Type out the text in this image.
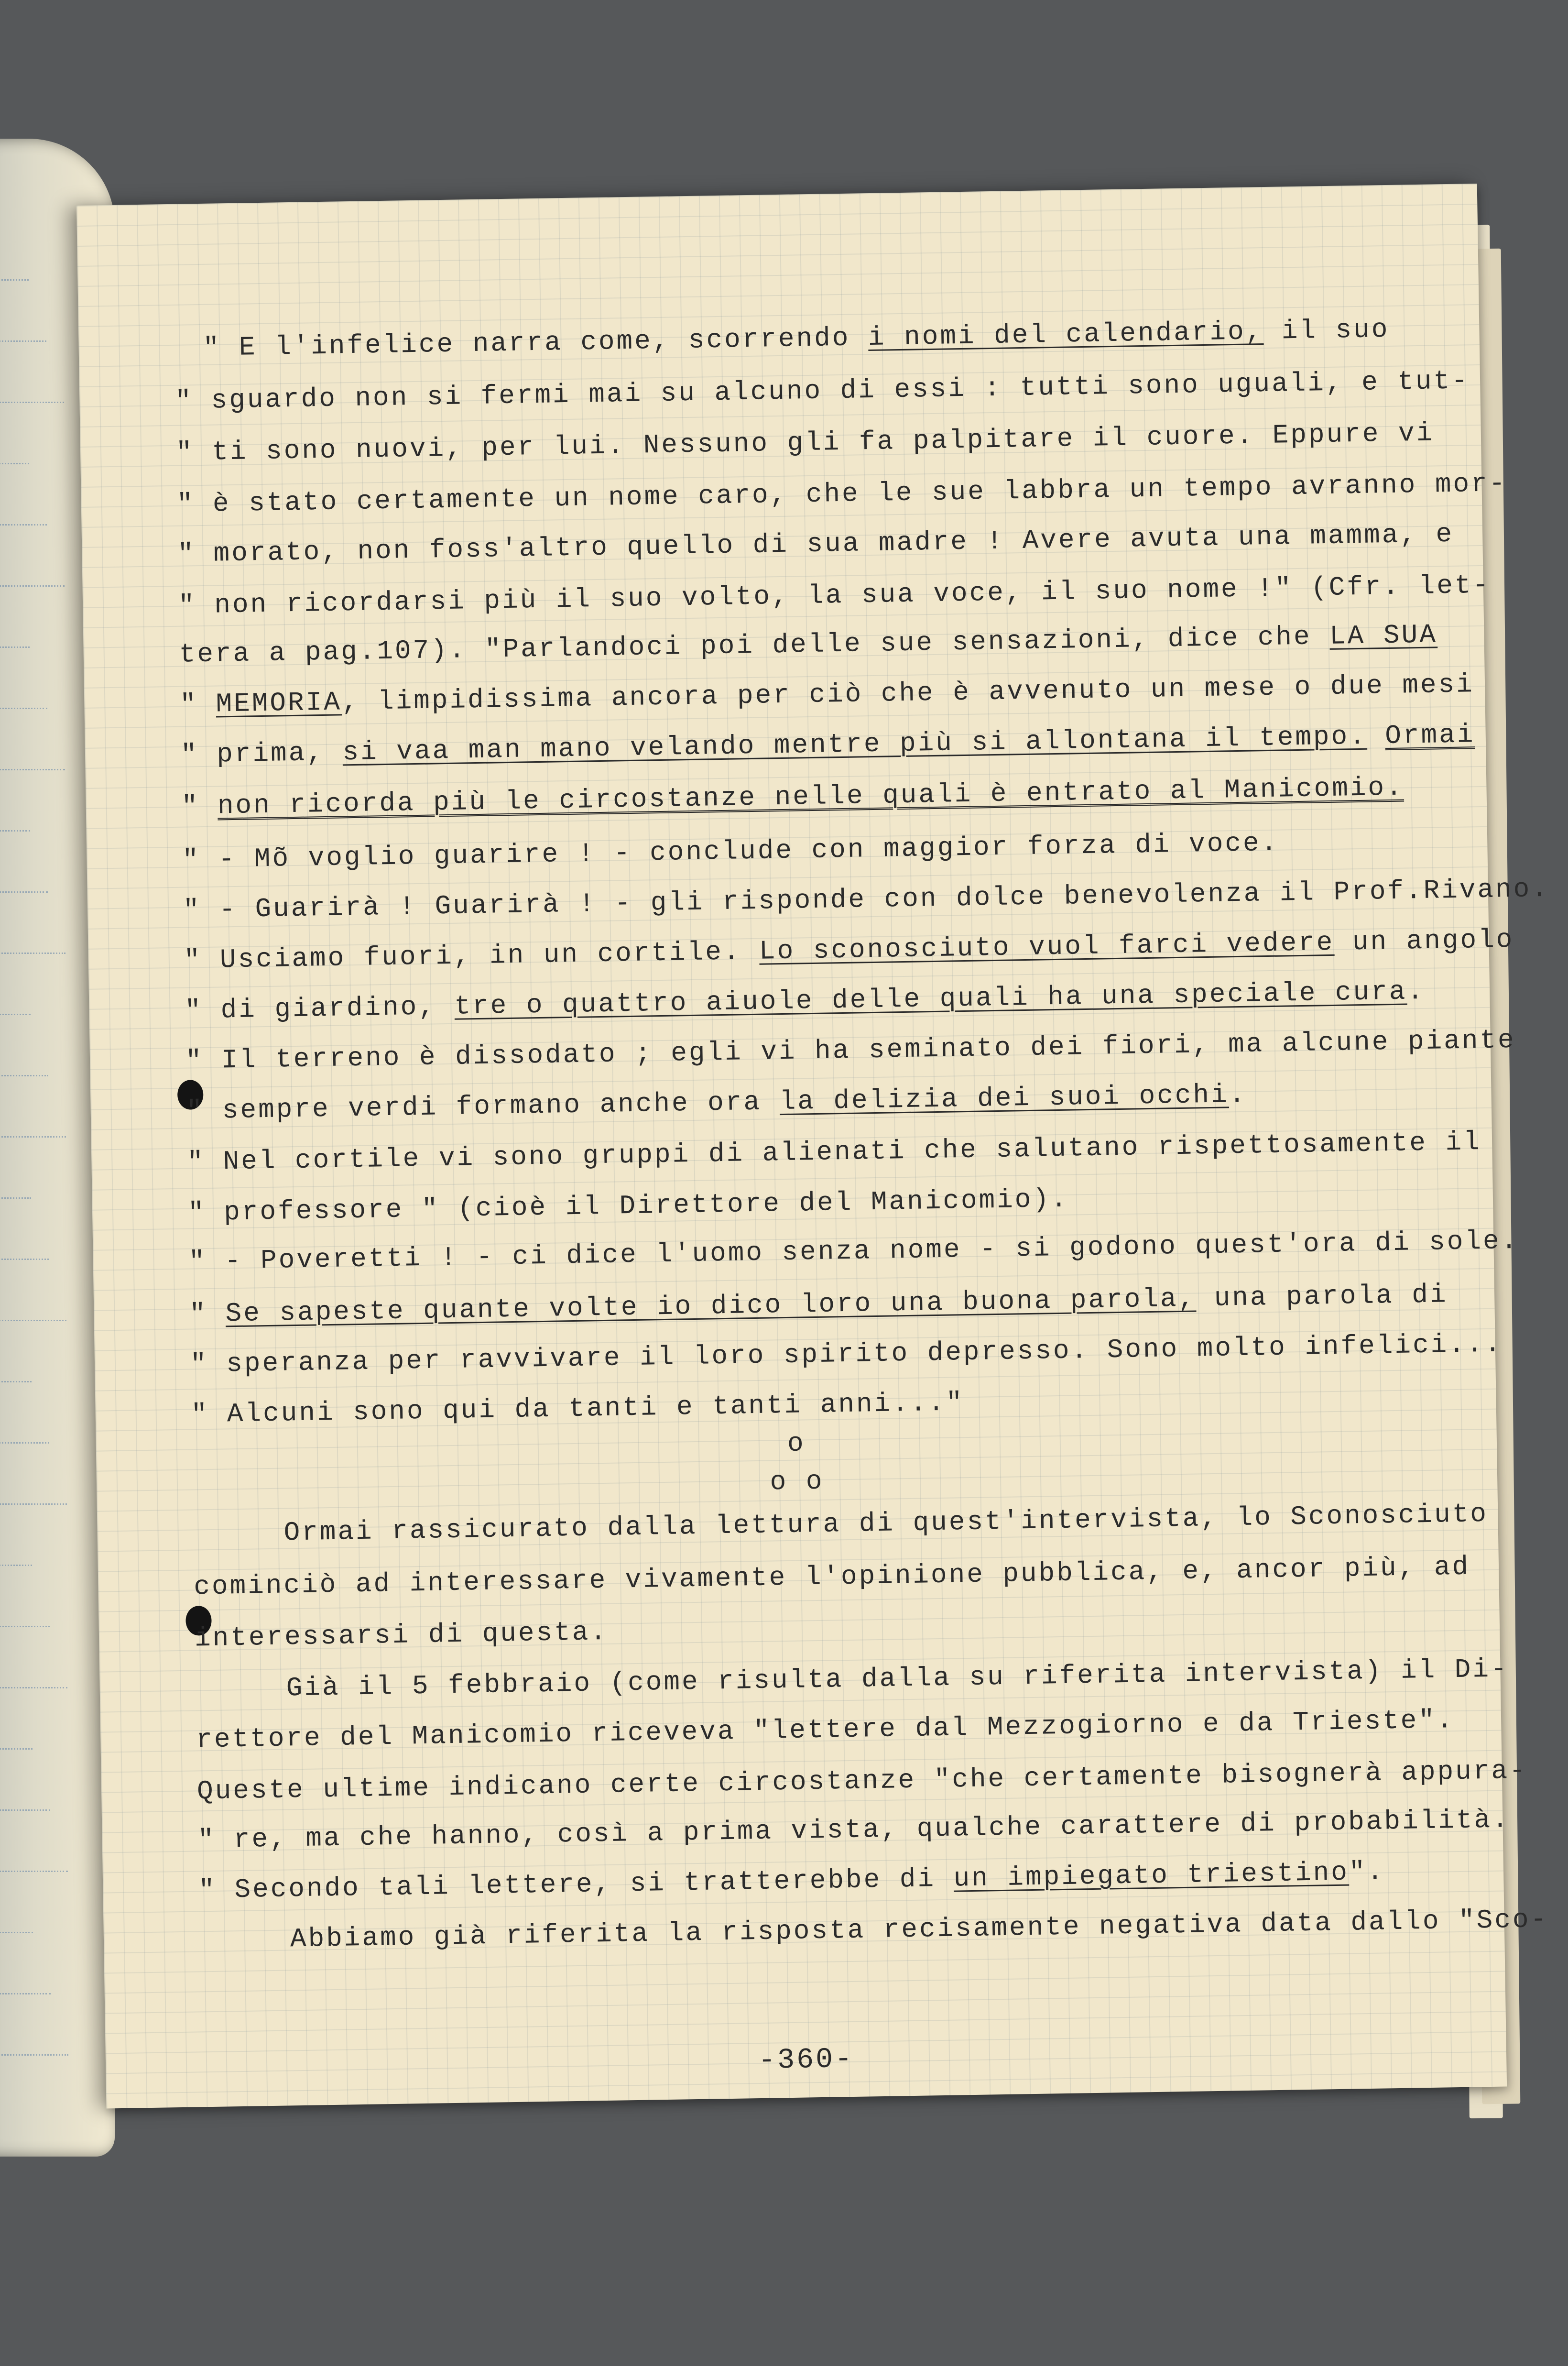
" E l'infelice narra come, scorrendo i nomi del calendario, il suo
" sguardo non si fermi mai su alcuno di essi : tutti sono uguali, e tut-
" ti sono nuovi, per lui. Nessuno gli fa palpitare il cuore. Eppure vi
" è stato certamente un nome caro, che le sue labbra un tempo avranno mor-
" morato, non foss'altro quello di sua madre ! Avere avuta una mamma, e
" non ricordarsi più il suo volto, la sua voce, il suo nome !" (Cfr. let-
tera a pag.107). "Parlandoci poi delle sue sensazioni, dice che LA SUA
" MEMORIA, limpidissima ancora per ciò che è avvenuto un mese o due mesi
" prima, si vaa man mano velando mentre più si allontana il tempo. Ormai
" non ricorda più le circostanze nelle quali è entrato al Manicomio.
" - Mõ voglio guarire ! - conclude con maggior forza di voce.
" - Guarirà ! Guarirà ! - gli risponde con dolce benevolenza il Prof.Rivano.
" Usciamo fuori, in un cortile. Lo sconosciuto vuol farci vedere un angolo
" di giardino, tre o quattro aiuole delle quali ha una speciale cura.
" Il terreno è dissodato ; egli vi ha seminato dei fiori, ma alcune piante
" sempre verdi formano anche ora la delizia dei suoi occhi.
" Nel cortile vi sono gruppi di alienati che salutano rispettosamente il
" professore " (cioè il Direttore del Manicomio).
" - Poveretti ! - ci dice l'uomo senza nome - si godono quest'ora di sole.
" Se sapeste quante volte io dico loro una buona parola, una parola di
" speranza per ravvivare il loro spirito depresso. Sono molto infelici...
" Alcuni sono qui da tanti e tanti anni..."
o
o o
Ormai rassicurato dalla lettura di quest'intervista, lo Sconosciuto
cominciò ad interessare vivamente l'opinione pubblica, e, ancor più, ad
interessarsi di questa.
Già il 5 febbraio (come risulta dalla su riferita intervista) il Di-
rettore del Manicomio riceveva "lettere dal Mezzogiorno e da Trieste".
Queste ultime indicano certe circostanze "che certamente bisognerà appura-
" re, ma che hanno, così a prima vista, qualche carattere di probabilità.
" Secondo tali lettere, si tratterebbe di un impiegato triestino".
Abbiamo già riferita la risposta recisamente negativa data dallo "Sco-
-360-
